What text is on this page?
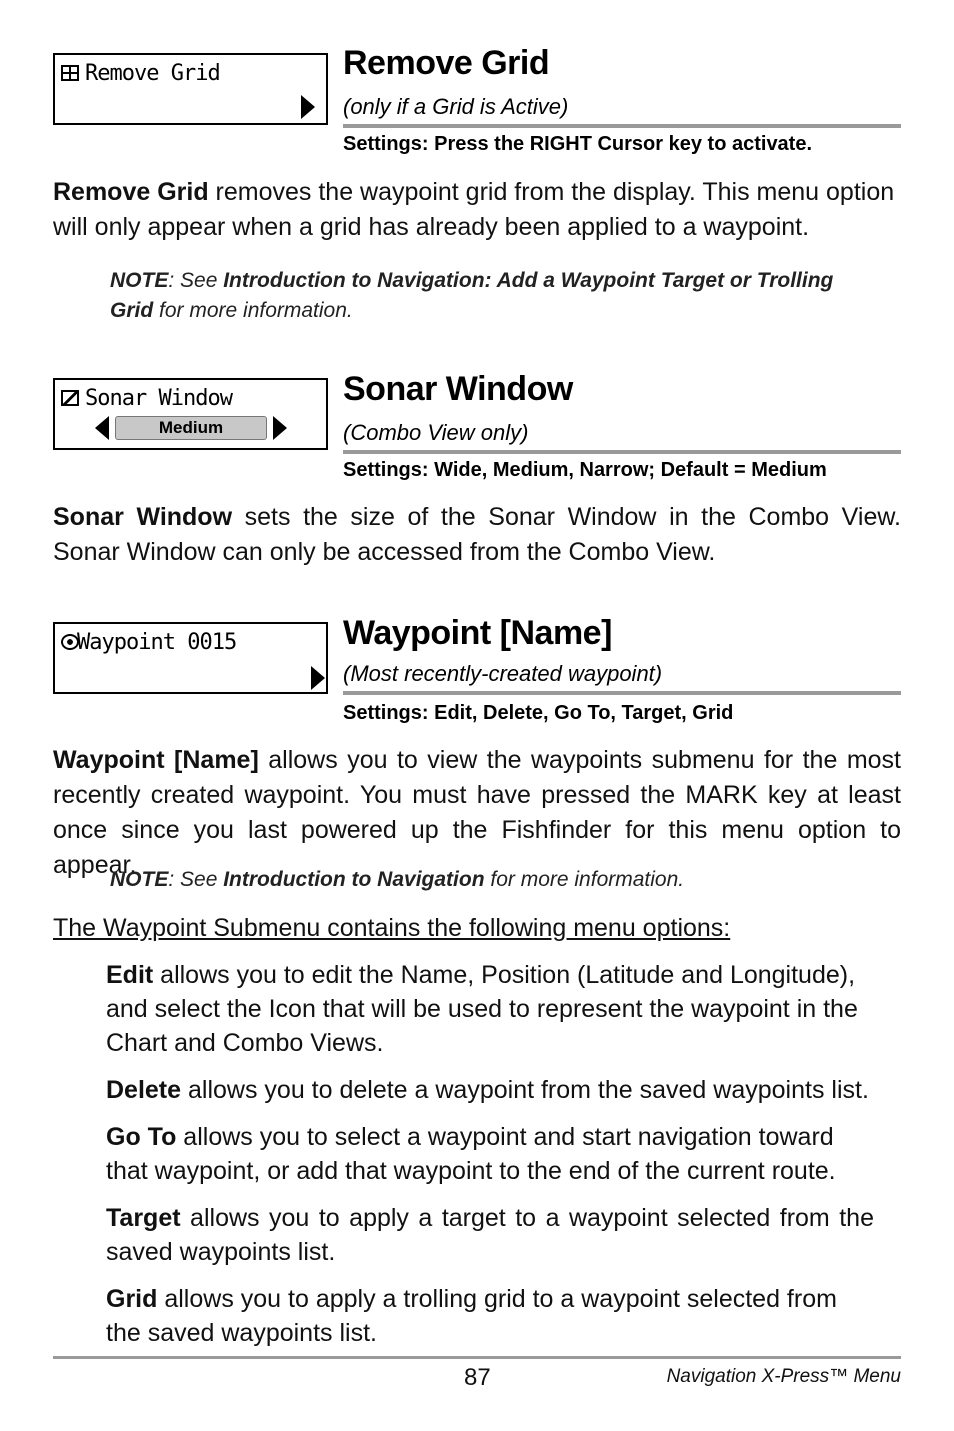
Remove Grid	Remove Grid
(only if a Grid is Active)
Settings: Press the RIGHT Cursor key to activate.
Remove Grid removes the waypoint grid from the display. This menu option will only appear when a grid has already been applied to a waypoint.
NOTE: See Introduction to Navigation: Add a Waypoint Target or Trolling Grid for more information.
Sonar Window
Medium
Sonar Window
(Combo View only)
Settings: Wide, Medium, Narrow; Default = Medium
Sonar Window sets the size of the Sonar Window in the Combo View. Sonar Window can only be accessed from the Combo View.
Waypoint 0015	Waypoint [Name]
(Most recently-created waypoint)
Settings: Edit, Delete, Go To, Target, Grid
Waypoint [Name] allows you to view the waypoints submenu for the most recently created waypoint. You must have pressed the MARK key at least once since you last powered up the Fishfinder for this menu option to appear.
NOTE: See Introduction to Navigation for more information.
The Waypoint Submenu contains the following menu options:
Edit allows you to edit the Name, Position (Latitude and Longitude), and select the Icon that will be used to represent the waypoint in the Chart and Combo Views.
Delete allows you to delete a waypoint from the saved waypoints list.
Go To allows you to select a waypoint and start navigation toward that waypoint, or add that waypoint to the end of the current route.
Target allows you to apply a target to a waypoint selected from the saved waypoints list.
Grid allows you to apply a trolling grid to a waypoint selected from the saved waypoints list.
87	Navigation X-Press™ Menu
